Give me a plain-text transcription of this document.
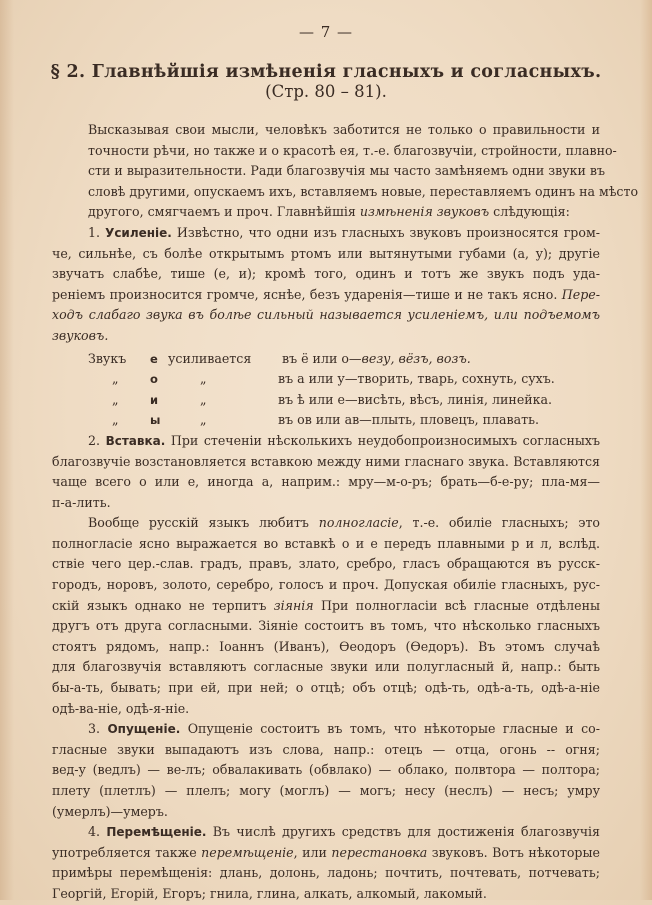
— 7 —
§ 2. Главнѣйшія измѣненія гласныхъ и согласныхъ.
(Стр. 80 – 81).
Высказывая свои мысли, человѣкъ заботится не только о правильности и
точности рѣчи, но также и о красотѣ ея, т.-е. благозвучіи, стройности, плавно-
сти и выразительности. Ради благозвучія мы часто замѣняемъ одни звуки въ
словѣ другими, опускаемъ ихъ, вставляемъ новые, переставляемъ одинъ на мѣсто
другого, смягчаемъ и проч. Главнѣйшія измѣненія звуковъ слѣдующія:
1. Усиленіе. Извѣстно, что одни изъ гласныхъ звуковъ произносятся гром-
че, сильнѣе, съ болѣе открытымъ ртомъ или вытянутыми губами (а, у); другіе
звучатъ слабѣе, тише (е, и); кромѣ того, одинъ и тотъ же звукъ подъ уда-
реніемъ произносится громче, яснѣе, безъ ударенія—тише и не такъ ясно. Пере-
ходъ слабаго звука въ болѣе сильный называется усиленіемъ, или подъемомъ
звуковъ.
Звукъ	е усиливается	въ ё или о— везу, вёзъ, возъ.
„	о	„	въ а или у— творить, тварь, сохнуть, сухъ.
„	и	„	въ ѣ или е— висѣть, вѣсъ, линія, линейка.
„	ы	„	въ ов или ав— плыть, пловецъ, плавать.
2. Вставка. При стеченіи нѣсколькихъ неудобопроизносимыхъ согласныхъ
благозвучіе возстановляется вставкою между ними гласнаго звука. Вставляются
чаще всего о или е, иногда а, наприм.: мру—м-о-ръ; брать—б-е-ру; пла-мя—
п-а-лить.
Вообще русскій языкъ любитъ полногласіе, т.-е. обиліе гласныхъ; это
полногласіе ясно выражается во вставкѣ о и е передъ плавными р и л, вслѣд.
ствіе чего цер.-слав. градъ, правъ, злато, сребро, гласъ обращаются въ русск-
городъ, норовъ, золото, серебро, голосъ и проч. Допуская обиліе гласныхъ, рус-
скій языкъ однако не терпитъ зіянія При полногласіи всѣ гласные отдѣлены
другъ отъ друга согласными. Зіяніе состоитъ въ томъ, что нѣсколько гласныхъ
стоятъ рядомъ, напр.: Іоаннъ (Иванъ), Ѳеодоръ (Ѳедоръ). Въ этомъ случаѣ
для благозвучія вставляютъ согласные звуки или полугласный й, напр.: быть
бы-а-ть, бывать; при ей, при ней; о отцѣ; объ отцѣ; одѣ-ть, одѣ-а-ть, одѣ-а-ніе
одѣ-ва-ніе, одѣ-я-ніе.
3. Опущеніе. Опущеніе состоитъ въ томъ, что нѣкоторые гласные и со-
гласные звуки выпадаютъ изъ слова, напр.: отецъ — отца, огонь -- огня;
вед-у (ведлъ) — ве-лъ; обвалакивать (обвлако) — облако, полвтора — полтора;
плету (плетлъ) — плелъ; могу (моглъ) — могъ; несу (неслъ) — несъ; умру
(умерлъ)—умеръ.
4. Перемѣщеніе. Въ числѣ другихъ средствъ для достиженія благозвучія
употребляется также перемѣщеніе, или перестановка звуковъ. Вотъ нѣкоторые
примѣры перемѣщенія: длань, долонь, ладонь; почтить, почтевать, потчевать;
Георгій, Егорій, Егоръ; гнила, глина, алкать, алкомый, лакомый.
